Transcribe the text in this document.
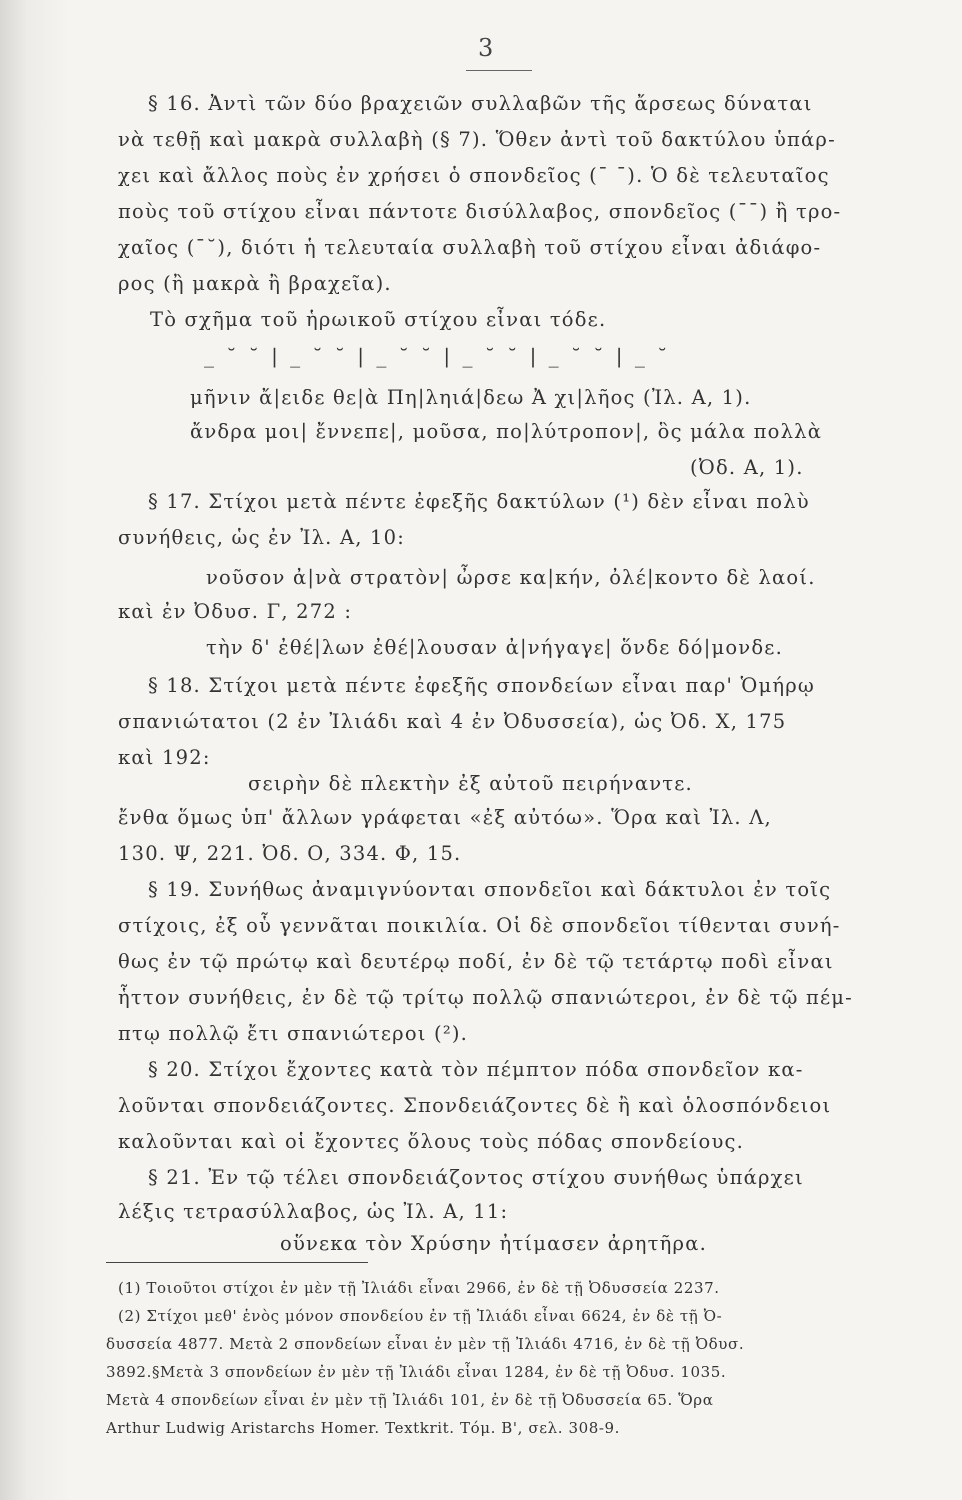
3
§ 16. Ἀντὶ τῶν δύο βραχειῶν συλλαβῶν τῆς ἄρσεως δύναται
νὰ τεθῇ καὶ μακρὰ συλλαβὴ (§ 7). Ὅθεν ἀντὶ τοῦ δακτύλου ὑπάρ-
χει καὶ ἄλλος ποὺς ἐν χρήσει ὁ σπονδεῖος (¯ ¯). Ὁ δὲ τελευταῖος
ποὺς τοῦ στίχου εἶναι πάντοτε δισύλλαβος, σπονδεῖος (¯¯) ἢ τρο-
χαῖος (¯˘), διότι ἡ τελευταία συλλαβὴ τοῦ στίχου εἶναι ἀδιάφο-
ρος (ἢ μακρὰ ἢ βραχεῖα).
Τὸ σχῆμα τοῦ ἡρωικοῦ στίχου εἶναι τόδε.
_ ˘ ˘ | _ ˘ ˘ | _ ˘ ˘ | _ ˘ ˘ | _ ˘ ˘ | _ ˘
μῆνιν ἄ|ειδε θε|ὰ Πη|ληιά|δεω Ἀ χι|λῆος (Ἰλ. Α, 1).
ἄνδρα μοι| ἔννεπε|, μοῦσα, πο|λύτροπον|, ὃς μάλα πολλὰ
(Ὀδ. Α, 1).
§ 17. Στίχοι μετὰ πέντε ἐφεξῆς δακτύλων (¹) δὲν εἶναι πολὺ
συνήθεις, ὡς ἐν Ἰλ. Α, 10:
νοῦσον ἀ|νὰ στρατὸν| ὦρσε κα|κήν, ὀλέ|κοντο δὲ λαοί.
καὶ ἐν Ὀδυσ. Γ, 272 :
τὴν δ' ἐθέ|λων ἐθέ|λουσαν ἀ|νήγαγε| ὅνδε δό|μονδε.
§ 18. Στίχοι μετὰ πέντε ἐφεξῆς σπονδείων εἶναι παρ' Ὁμήρῳ
σπανιώτατοι (2 ἐν Ἰλιάδι καὶ 4 ἐν Ὀδυσσεία), ὡς Ὀδ. Χ, 175
καὶ 192:
σειρὴν δὲ πλεκτὴν ἐξ αὐτοῦ πειρήναντε.
ἔνθα ὅμως ὑπ' ἄλλων γράφεται «ἐξ αὐτόω». Ὅρα καὶ Ἰλ. Λ,
130. Ψ, 221. Ὀδ. Ο, 334. Φ, 15.
§ 19. Συνήθως ἀναμιγνύονται σπονδεῖοι καὶ δάκτυλοι ἐν τοῖς
στίχοις, ἐξ οὗ γεννᾶται ποικιλία. Οἱ δὲ σπονδεῖοι τίθενται συνή-
θως ἐν τῷ πρώτῳ καὶ δευτέρῳ ποδί, ἐν δὲ τῷ τετάρτῳ ποδὶ εἶναι
ἧττον συνήθεις, ἐν δὲ τῷ τρίτῳ πολλῷ σπανιώτεροι, ἐν δὲ τῷ πέμ-
πτῳ πολλῷ ἔτι σπανιώτεροι (²).
§ 20. Στίχοι ἔχοντες κατὰ τὸν πέμπτον πόδα σπονδεῖον κα-
λοῦνται σπονδειάζοντες. Σπονδειάζοντες δὲ ἢ καὶ ὁλοσπόνδειοι
καλοῦνται καὶ οἱ ἔχοντες ὅλους τοὺς πόδας σπονδείους.
§ 21. Ἐν τῷ τέλει σπονδειάζοντος στίχου συνήθως ὑπάρχει
λέξις τετρασύλλαβος, ὡς Ἰλ. Α, 11:
οὕνεκα τὸν Χρύσην ἠτίμασεν ἀρητῆρα.
(1) Τοιοῦτοι στίχοι ἐν μὲν τῇ Ἰλιάδι εἶναι 2966, ἐν δὲ τῇ Ὀδυσσεία 2237.
(2) Στίχοι μεθ' ἑνὸς μόνον σπονδείου ἐν τῇ Ἰλιάδι εἶναι 6624, ἐν δὲ τῇ Ὀ-
δυσσεία 4877. Μετὰ 2 σπονδείων εἶναι ἐν μὲν τῇ Ἰλιάδι 4716, ἐν δὲ τῇ Ὀδυσ.
3892.§Μετὰ 3 σπονδείων ἐν μὲν τῇ Ἰλιάδι εἶναι 1284, ἐν δὲ τῇ Ὀδυσ. 1035.
Μετὰ 4 σπονδείων εἶναι ἐν μὲν τῇ Ἰλιάδι 101, ἐν δὲ τῇ Ὀδυσσεία 65. Ὅρα
Arthur Ludwig Aristarchs Homer. Textkrit. Τόμ. Β', σελ. 308-9.
